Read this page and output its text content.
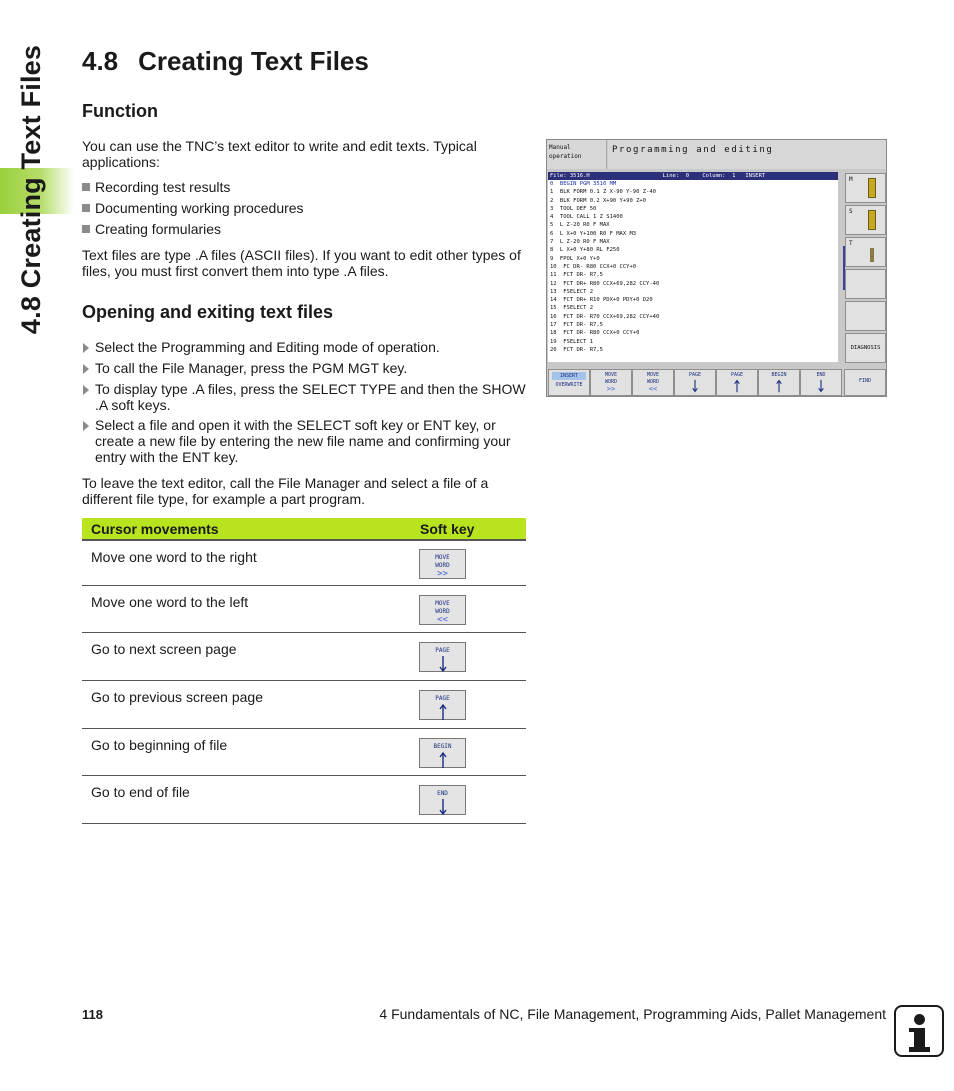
4.8 Creating Text Files 4.8 Creating Text Files
Function
You can use the TNC’s text editor to write and edit texts. Typical applications:
Recording test results
Documenting working procedures
Creating formularies
Text files are type .A files (ASCII files). If you want to edit other types of files, you must first convert them into type .A files.
Opening and exiting text files
Select the Programming and Editing mode of operation.
To call the File Manager, press the PGM MGT key.
To display type .A files, press the SELECT TYPE and then the SHOW .A soft keys.
Select a file and open it with the SELECT soft key or ENT key, or create a new file by entering the new file name and confirming your entry with the ENT key.
To leave the text editor, call the File Manager and select a file of a different file type, for example a part program.
Cursor movements	Soft key
Move one word to the right	MOVE
WORD
>>
Move one word to the left	MOVE
WORD
<<
Go to next screen page	PAGE
Go to previous screen page	PAGE
Go to beginning of file	BEGIN
Go to end of file	END
Manual
operation
Programming and editing
File: 3516.H                      Line:  0    Column:  1   INSERT
0  BEGIN PGM 3516 MM
1  BLK FORM 0.1 Z X-90 Y-90 Z-40
2  BLK FORM 0.2 X+90 Y+90 Z+0
3  TOOL DEF 50
4  TOOL CALL 1 Z S1400
5  L Z-20 R0 F MAX
6  L X+0 Y+100 R0 F MAX M3
7  L Z-20 R0 F MAX
8  L X+0 Y+80 RL F250
9  FPOL X+0 Y+0
10  FC DR- R80 CCX+0 CCY+0
11  FCT DR- R7,5
12  FCT DR+ R80 CCX+69,282 CCY-40
13  FSELECT 2
14  FCT DR+ R10 PDX+0 PDY+0 D20
15  FSELECT 2
16  FCT DR- R70 CCX+69,282 CCY+40
17  FCT DR- R7,5
18  FCT DR- R80 CCX+0 CCY+0
19  FSELECT 1
20  FCT DR- R7,5
M
S
T
DIAGNOSIS
INSERT
OVERWRITE
MOVE
WORD
>>
MOVE
WORD
<<
PAGE	PAGE	BEGIN	END
FIND
118	4 Fundamentals of NC, File Management, Programming Aids, Pallet Management
